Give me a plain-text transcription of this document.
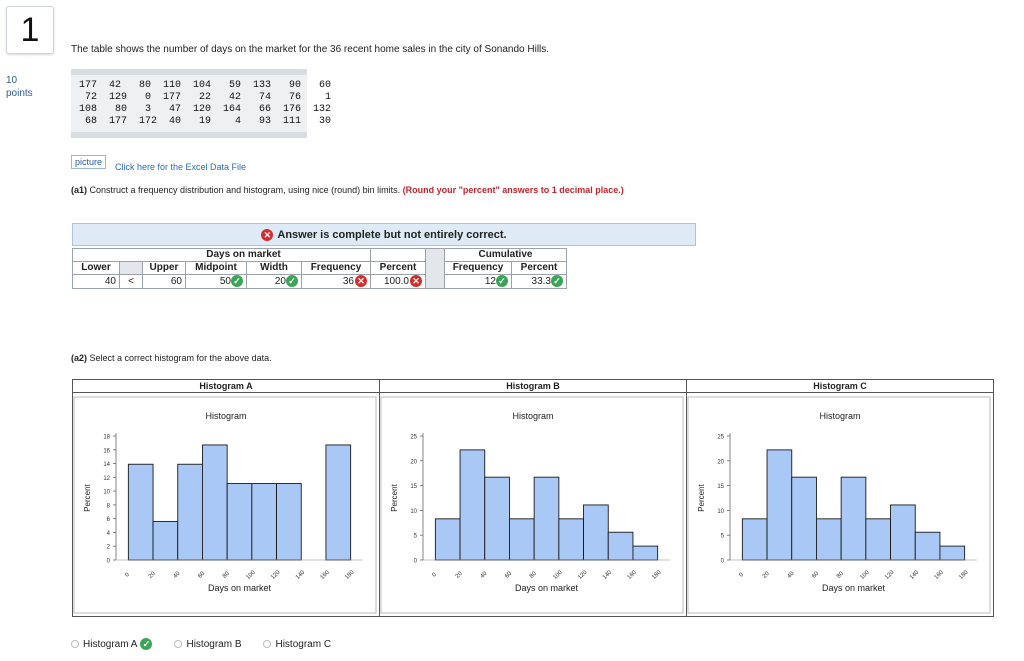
1
10
points
The table shows the number of days on the market for the 36 recent home sales in the city of Sonando Hills.
177  42   80  110  104   59  133   90   60
72  129   0  177   22   42   74   76    1
108   80   3   47  120  164   66  176  132
68  177  172  40   19    4   93  111   30
picture	Click here for the Excel Data File
(a1) Construct a frequency distribution and histogram, using nice (round) bin limits. (Round your "percent" answers to 1 decimal place.)
✕ Answer is complete but not entirely correct.
			Days on market					Cumulative	
Lower		Upper	Midpoint	Width	Frequency	Percent		Frequency	Percent
40	<	60	50 ✓	20 ✓	36 ✕	100.0 ✕		12 ✓	33.3 ✓
(a2) Select a correct histogram for the above data.
Histogram A
Histogram
0
2
4
6
8
10
12
14
16
18
0	20	40	60	80 100 120 140 160 180
Days on market
Percent
Histogram B
Histogram
0
5
10
15
20
25
0	20	40	60	80 100 120 140 160 180
Days on market
Percent
Histogram C
Histogram
0
5
10
15
20
25
0	20	40	60	80 100 120 140 160 180
Days on market
Percent
Histogram A ✓	Histogram B	Histogram C
